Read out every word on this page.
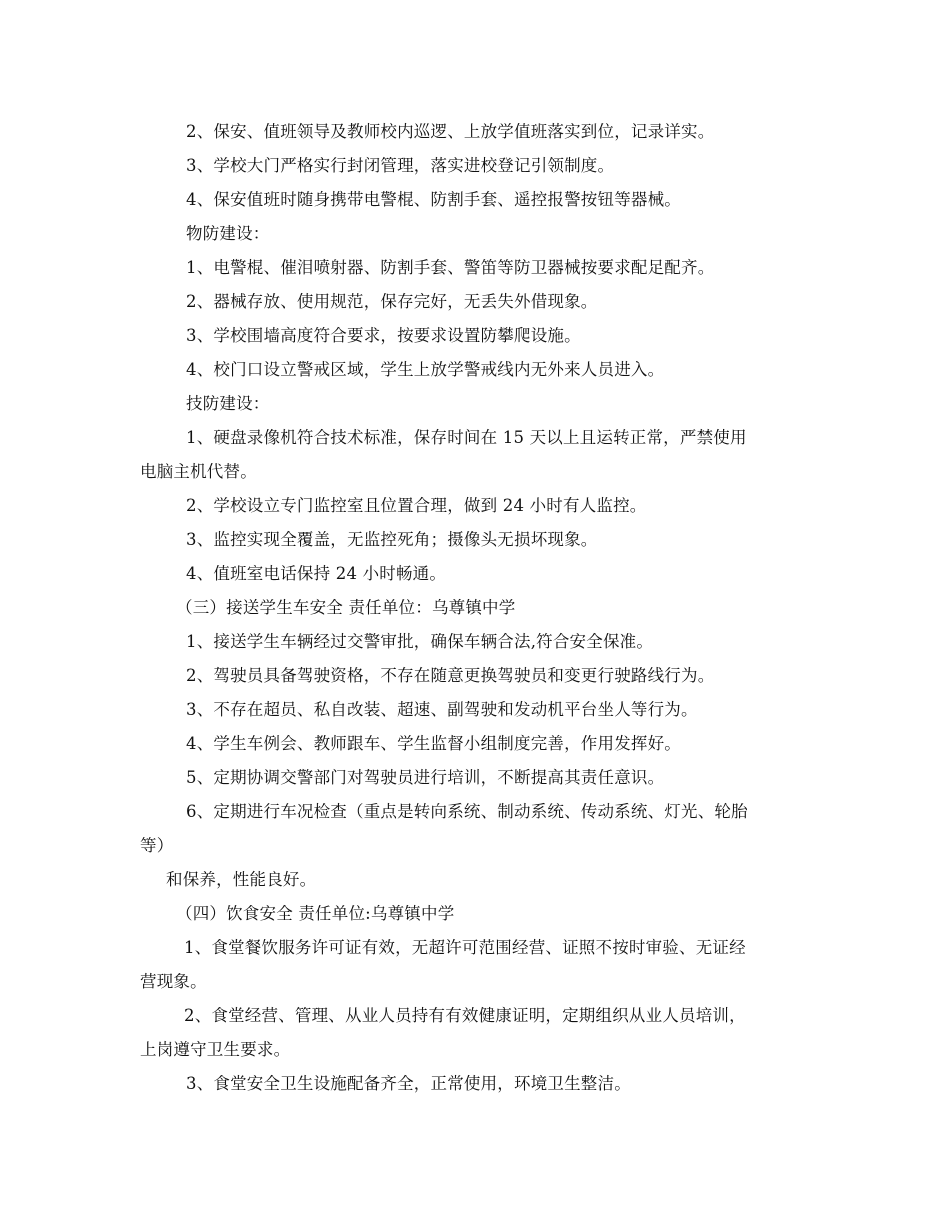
2、保安、值班领导及教师校内巡逻、上放学值班落实到位，记录详实。
3、学校大门严格实行封闭管理，落实进校登记引领制度。
4、保安值班时随身携带电警棍、防割手套、遥控报警按钮等器械。
物防建设：
1、电警棍、催泪喷射器、防割手套、警笛等防卫器械按要求配足配齐。
2、器械存放、使用规范，保存完好，无丢失外借现象。
3、学校围墙高度符合要求，按要求设置防攀爬设施。
4、校门口设立警戒区域，学生上放学警戒线内无外来人员进入。
技防建设：
1、硬盘录像机符合技术标准，保存时间在 15 天以上且运转正常，严禁使用
电脑主机代替。
2、学校设立专门监控室且位置合理，做到 24 小时有人监控。
3、监控实现全覆盖，无监控死角；摄像头无损坏现象。
4、值班室电话保持 24 小时畅通。
（三）接送学生车安全 责任单位：乌尊镇中学
1、接送学生车辆经过交警审批，确保车辆合法,符合安全保准。
2、驾驶员具备驾驶资格，不存在随意更换驾驶员和变更行驶路线行为。
3、不存在超员、私自改装、超速、副驾驶和发动机平台坐人等行为。
4、学生车例会、教师跟车、学生监督小组制度完善，作用发挥好。
5、定期协调交警部门对驾驶员进行培训，不断提高其责任意识。
6、定期进行车况检查（重点是转向系统、制动系统、传动系统、灯光、轮胎
等）
和保养，性能良好。
（四）饮食安全 责任单位:乌尊镇中学
1、食堂餐饮服务许可证有效，无超许可范围经营、证照不按时审验、无证经
营现象。
2、食堂经营、管理、从业人员持有有效健康证明，定期组织从业人员培训，
上岗遵守卫生要求。
3、食堂安全卫生设施配备齐全，正常使用，环境卫生整洁。
